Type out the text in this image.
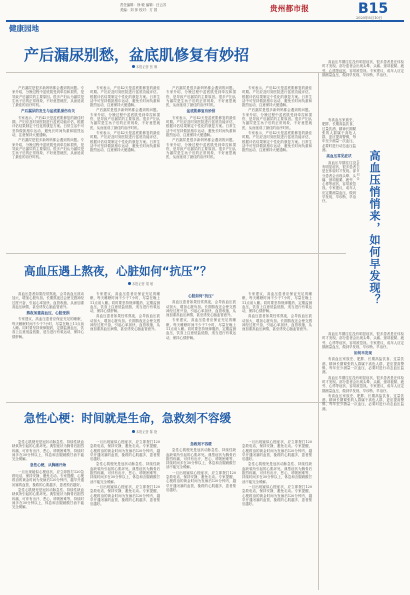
责任编辑：徐 敏 编辑：汪云苏
美编：刘 萍 校对：方 园	贵州都市报	B15
2020年8月10日
健康园地
产后漏尿别愁，盆底肌修复有妙招
本报记者 张 琳

产后漏尿是很多新妈妈都会遇到的问题。专家介绍，分娩过程中盆底肌受到牵拉和损伤，是导致产后漏尿的主要原因。很多产妇认为漏尿是生孩子后的正常现象，不好意思就医，从而延误了最佳的治疗时机。

产后漏尿的发生与盆底肌损伤有关

专家表示，产后42天是盆底肌修复的最佳时期。产妇应及时到医院进行盆底功能评估，根据评估结果制定个性化的康复方案。日常生活中可坚持做凯格尔运动，避免长时间负重和剧烈运动，注意保持大便通畅。

产后漏尿是很多新妈妈都会遇到的问题。专家介绍，分娩过程中盆底肌受到牵拉和损伤，是导致产后漏尿的主要原因。很多产妇认为漏尿是生孩子后的正常现象，不好意思就医，从而延误了最佳的治疗时机。

专家表示，产后42天是盆底肌修复的最佳时期。产妇应及时到医院进行盆底功能评估，根据评估结果制定个性化的康复方案。日常生活中可坚持做凯格尔运动，避免长时间负重和剧烈运动，注意保持大便通畅。

产后漏尿是很多新妈妈都会遇到的问题。专家介绍，分娩过程中盆底肌受到牵拉和损伤，是导致产后漏尿的主要原因。很多产妇认为漏尿是生孩子后的正常现象，不好意思就医，从而延误了最佳的治疗时机。

专家表示，产后42天是盆底肌修复的最佳时期。产妇应及时到医院进行盆底功能评估，根据评估结果制定个性化的康复方案。日常生活中可坚持做凯格尔运动，避免长时间负重和剧烈运动，注意保持大便通畅。

产后漏尿是很多新妈妈都会遇到的问题。专家介绍，分娩过程中盆底肌受到牵拉和损伤，是导致产后漏尿的主要原因。很多产妇认为漏尿是生孩子后的正常现象，不好意思就医，从而延误了最佳的治疗时机。

盆底肌修复有妙招

专家表示，产后42天是盆底肌修复的最佳时期。产妇应及时到医院进行盆底功能评估，根据评估结果制定个性化的康复方案。日常生活中可坚持做凯格尔运动，避免长时间负重和剧烈运动，注意保持大便通畅。

产后漏尿是很多新妈妈都会遇到的问题。专家介绍，分娩过程中盆底肌受到牵拉和损伤，是导致产后漏尿的主要原因。很多产妇认为漏尿是生孩子后的正常现象，不好意思就医，从而延误了最佳的治疗时机。

专家表示，产后42天是盆底肌修复的最佳时期。产妇应及时到医院进行盆底功能评估，根据评估结果制定个性化的康复方案。日常生活中可坚持做凯格尔运动，避免长时间负重和剧烈运动，注意保持大便通畅。

产后漏尿是很多新妈妈都会遇到的问题。专家介绍，分娩过程中盆底肌受到牵拉和损伤，是导致产后漏尿的主要原因。很多产妇认为漏尿是生孩子后的正常现象，不好意思就医，从而延误了最佳的治疗时机。

专家表示，产后42天是盆底肌修复的最佳时期。产妇应及时到医院进行盆底功能评估，根据评估结果制定个性化的康复方案。日常生活中可坚持做凯格尔运动，避免长时间负重和剧烈运动，注意保持大便通畅。

高血压遇上熬夜，心脏如何“抗压”？
本报记者 胡 敏

高血压患者如果经常熬夜，会导致血压波动加大，增加心脏负担。长期熬夜还会使交感神经过度兴奋，引起心率加快、血管收缩，从而加重高血压病情，甚至诱发心脑血管意外。

熬夜加重高血压，心脏受损

专家建议，高血压患者应保证充足的睡眠，每天睡眠时间不少于7小时，尽量在晚上11点前入睡。同时要坚持规律服药，定期监测血压，饮食上注意低盐低脂，适当进行有氧运动，保持心情舒畅。

专家建议，高血压患者应保证充足的睡眠，每天睡眠时间不少于7小时，尽量在晚上11点前入睡。同时要坚持规律服药，定期监测血压，饮食上注意低盐低脂，适当进行有氧运动，保持心情舒畅。

高血压患者如果经常熬夜，会导致血压波动加大，增加心脏负担。长期熬夜还会使交感神经过度兴奋，引起心率加快、血管收缩，从而加重高血压病情，甚至诱发心脑血管意外。

心脏如何“抗压”

高血压患者如果经常熬夜，会导致血压波动加大，增加心脏负担。长期熬夜还会使交感神经过度兴奋，引起心率加快、血管收缩，从而加重高血压病情，甚至诱发心脑血管意外。

专家建议，高血压患者应保证充足的睡眠，每天睡眠时间不少于7小时，尽量在晚上11点前入睡。同时要坚持规律服药，定期监测血压，饮食上注意低盐低脂，适当进行有氧运动，保持心情舒畅。

专家建议，高血压患者应保证充足的睡眠，每天睡眠时间不少于7小时，尽量在晚上11点前入睡。同时要坚持规律服药，定期监测血压，饮食上注意低盐低脂，适当进行有氧运动，保持心情舒畅。

高血压患者如果经常熬夜，会导致血压波动加大，增加心脏负担。长期熬夜还会使交感神经过度兴奋，引起心率加快、血管收缩，从而加重高血压病情，甚至诱发心脑血管意外。

急性心梗：时间就是生命，急救刻不容缓
本报记者 陈 艳

急性心肌梗死是冠状动脉急性、持续性缺血缺氧所引起的心肌坏死。典型症状为胸骨后剧烈疼痛，可伴有出汗、恶心、呼吸困难等，持续时间多在30分钟以上，休息和含服硝酸甘油不能完全缓解。

急性心梗，从胸痛开始

一旦出现疑似心梗症状，应立即拨打120急救电话，保持安静，避免走动。专家提醒，心梗救治的黄金时间为发病后120分钟内，越早开通闭塞的血管，挽救的心肌越多，患者预后越好。

急性心肌梗死是冠状动脉急性、持续性缺血缺氧所引起的心肌坏死。典型症状为胸骨后剧烈疼痛，可伴有出汗、恶心、呼吸困难等，持续时间多在30分钟以上，休息和含服硝酸甘油不能完全缓解。

一旦出现疑似心梗症状，应立即拨打120急救电话，保持安静，避免走动。专家提醒，心梗救治的黄金时间为发病后120分钟内，越早开通闭塞的血管，挽救的心肌越多，患者预后越好。

急性心肌梗死是冠状动脉急性、持续性缺血缺氧所引起的心肌坏死。典型症状为胸骨后剧烈疼痛，可伴有出汗、恶心、呼吸困难等，持续时间多在30分钟以上，休息和含服硝酸甘油不能完全缓解。

一旦出现疑似心梗症状，应立即拨打120急救电话，保持安静，避免走动。专家提醒，心梗救治的黄金时间为发病后120分钟内，越早开通闭塞的血管，挽救的心肌越多，患者预后越好。

急救刻不容缓

急性心肌梗死是冠状动脉急性、持续性缺血缺氧所引起的心肌坏死。典型症状为胸骨后剧烈疼痛，可伴有出汗、恶心、呼吸困难等，持续时间多在30分钟以上，休息和含服硝酸甘油不能完全缓解。

一旦出现疑似心梗症状，应立即拨打120急救电话，保持安静，避免走动。专家提醒，心梗救治的黄金时间为发病后120分钟内，越早开通闭塞的血管，挽救的心肌越多，患者预后越好。

一旦出现疑似心梗症状，应立即拨打120急救电话，保持安静，避免走动。专家提醒，心梗救治的黄金时间为发病后120分钟内，越早开通闭塞的血管，挽救的心肌越多，患者预后越好。

急性心肌梗死是冠状动脉急性、持续性缺血缺氧所引起的心肌坏死。典型症状为胸骨后剧烈疼痛，可伴有出汗、恶心、呼吸困难等，持续时间多在30分钟以上，休息和含服硝酸甘油不能完全缓解。

一旦出现疑似心梗症状，应立即拨打120急救电话，保持安静，避免走动。专家提醒，心梗救治的黄金时间为发病后120分钟内，越早开通闭塞的血管，挽救的心肌越多，患者预后越好。

高血压早期往往没有明显症状，很多患者是在体检时才发现。部分患者会出现头晕、头痛、颈项板紧、疲劳、心悸等症状，容易被忽视。专家建议，成年人应定期测量血压，做到早发现、早诊断、早治疗。

有高血压家族史、肥胖、长期高盐饮食、过量饮酒、精神长期紧张的人群属于高危人群，更应提高警惕，每年至少测量一次血压，必要时进行动态血压监测。

高血压常见症状

高血压早期往往没有明显症状，很多患者是在体检时才发现。部分患者会出现头晕、头痛、颈项板紧、疲劳、心悸等症状，容易被忽视。专家建议，成年人应定期测量血压，做到早发现、早诊断、早治疗。	高血压悄悄来，如何早发现？
本报记者 刘 佳

高血压早期往往没有明显症状，很多患者是在体检时才发现。部分患者会出现头晕、头痛、颈项板紧、疲劳、心悸等症状，容易被忽视。专家建议，成年人应定期测量血压，做到早发现、早诊断、早治疗。

如何早发现

有高血压家族史、肥胖、长期高盐饮食、过量饮酒、精神长期紧张的人群属于高危人群，更应提高警惕，每年至少测量一次血压，必要时进行动态血压监测。

高血压早期往往没有明显症状，很多患者是在体检时才发现。部分患者会出现头晕、头痛、颈项板紧、疲劳、心悸等症状，容易被忽视。专家建议，成年人应定期测量血压，做到早发现、早诊断、早治疗。

有高血压家族史、肥胖、长期高盐饮食、过量饮酒、精神长期紧张的人群属于高危人群，更应提高警惕，每年至少测量一次血压，必要时进行动态血压监测。
